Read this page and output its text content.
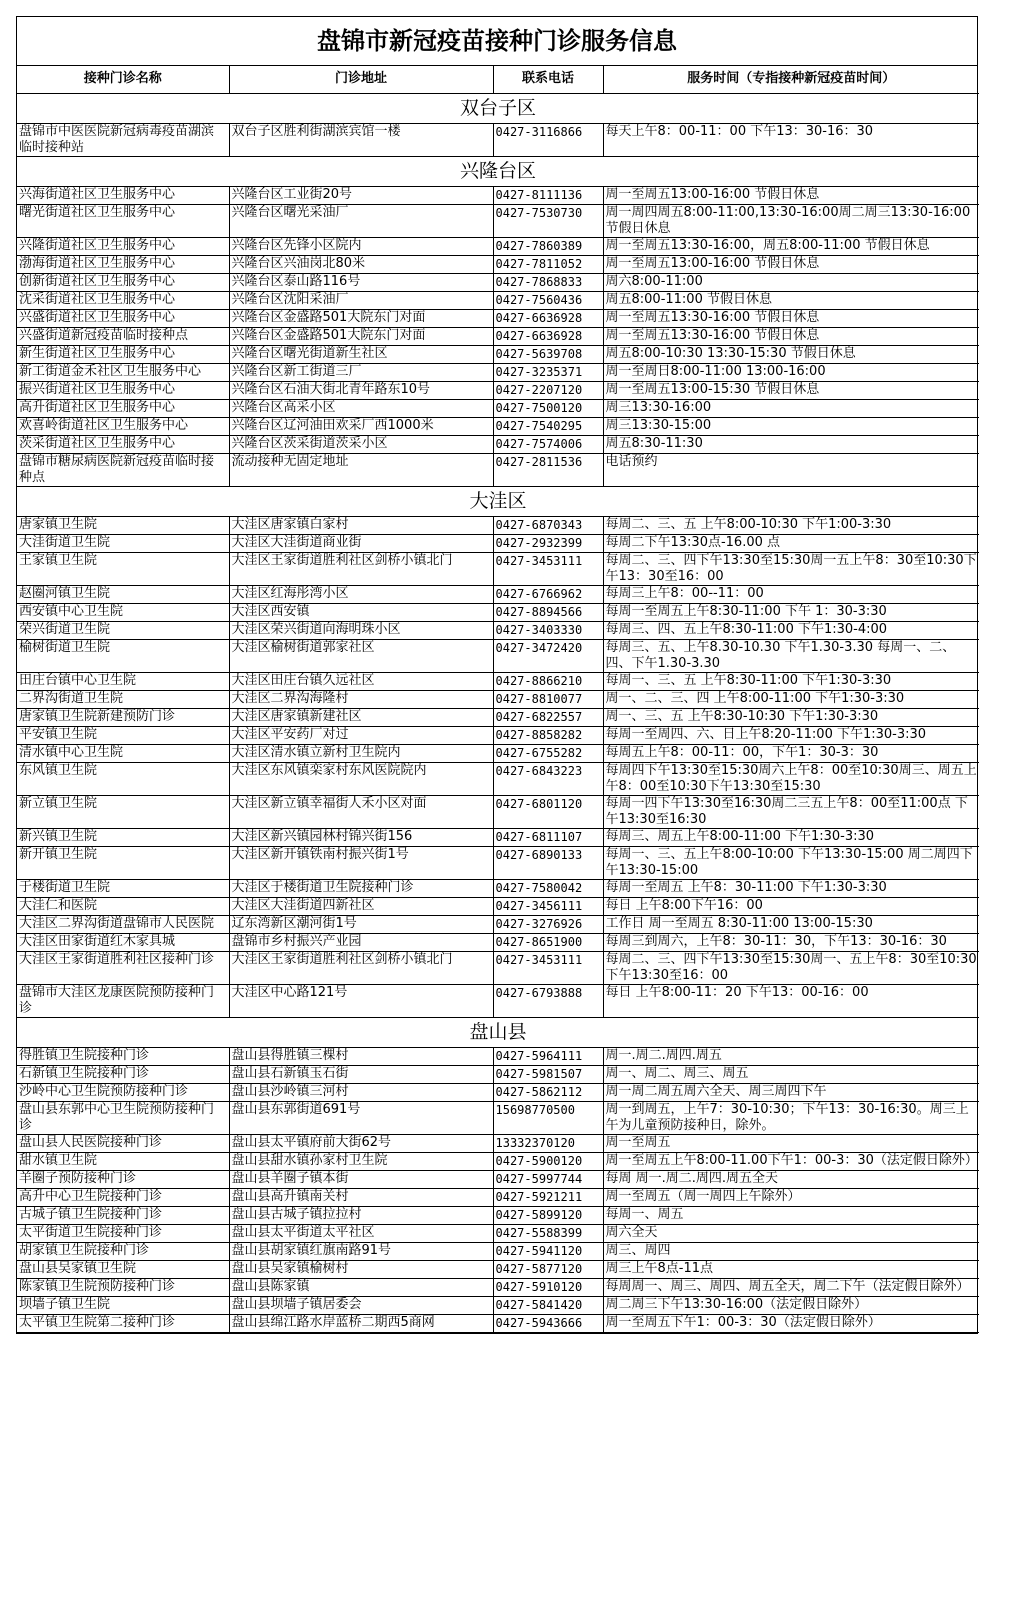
盘锦市新冠疫苗接种门诊服务信息
接种门诊名称	门诊地址	联系电话	服务时间（专指接种新冠疫苗时间）
双台子区			
盘锦市中医医院新冠病毒疫苗湖滨临时接种站	双台子区胜利街湖滨宾馆一楼	0427-3116866	每天上午8：00-11：00 下午13：30-16：30
兴隆台区			
兴海街道社区卫生服务中心	兴隆台区工业街20号	0427-8111136	周一至周五13:00-16:00 节假日休息
曙光街道社区卫生服务中心	兴隆台区曙光采油厂	0427-7530730	周一周四周五8:00-11:00,13:30-16:00周二周三13:30-16:00 节假日休息
兴隆街道社区卫生服务中心	兴隆台区先锋小区院内	0427-7860389	周一至周五13:30-16:00，周五8:00-11:00 节假日休息
渤海街道社区卫生服务中心	兴隆台区兴油岗北80米	0427-7811052	周一至周五13:00-16:00 节假日休息
创新街道社区卫生服务中心	兴隆台区泰山路116号	0427-7868833	周六8:00-11:00
沈采街道社区卫生服务中心	兴隆台区沈阳采油厂	0427-7560436	周五8:00-11:00 节假日休息
兴盛街道社区卫生服务中心	兴隆台区金盛路501大院东门对面	0427-6636928	周一至周五13:30-16:00 节假日休息
兴盛街道新冠疫苗临时接种点	兴隆台区金盛路501大院东门对面	0427-6636928	周一至周五13:30-16:00 节假日休息
新生街道社区卫生服务中心	兴隆台区曙光街道新生社区	0427-5639708	周五8:00-10:30 13:30-15:30 节假日休息
新工街道金禾社区卫生服务中心	兴隆台区新工街道三厂	0427-3235371	周一至周日8:00-11:00 13:00-16:00
振兴街道社区卫生服务中心	兴隆台区石油大街北青年路东10号	0427-2207120	周一至周五13:00-15:30 节假日休息
高升街道社区卫生服务中心	兴隆台区高采小区	0427-7500120	周三13:30-16:00
欢喜岭街道社区卫生服务中心	兴隆台区辽河油田欢采厂西1000米	0427-7540295	周三13:30-15:00
茨采街道社区卫生服务中心	兴隆台区茨采街道茨采小区	0427-7574006	周五8:30-11:30
盘锦市糖尿病医院新冠疫苗临时接种点	流动接种无固定地址	0427-2811536	电话预约
大洼区			
唐家镇卫生院	大洼区唐家镇白家村	0427-6870343	每周二、三、五 上午8:00-10:30 下午1:00-3:30
大洼街道卫生院	大洼区大洼街道商业街	0427-2932399	每周二下午13:30点-16.00 点
王家镇卫生院	大洼区王家街道胜利社区剑桥小镇北门	0427-3453111	每周二、三、四下午13:30至15:30周一五上午8：30至10:30下午13：30至16：00
赵圈河镇卫生院	大洼区红海彤湾小区	0427-6766962	每周三上午8：00--11：00
西安镇中心卫生院	大洼区西安镇	0427-8894566	每周一至周五上午8:30-11:00 下午 1：30-3:30
荣兴街道卫生院	大洼区荣兴街道向海明珠小区	0427-3403330	每周三、四、五上午8:30-11:00 下午1:30-4:00
榆树街道卫生院	大洼区榆树街道郭家社区	0427-3472420	每周三、五、上午8.30-10.30 下午1.30-3.30 每周一、二、四、下午1.30-3.30
田庄台镇中心卫生院	大洼区田庄台镇久远社区	0427-8866210	每周一、三、五 上午8:30-11:00 下午1:30-3:30
二界沟街道卫生院	大洼区二界沟海隆村	0427-8810077	周一、二、三、四 上午8:00-11:00 下午1:30-3:30
唐家镇卫生院新建预防门诊	大洼区唐家镇新建社区	0427-6822557	周一、三、五 上午8:30-10:30 下午1:30-3:30
平安镇卫生院	大洼区平安药厂对过	0427-8858282	每周一至周四、六、日上午8:20-11:00 下午1:30-3:30
清水镇中心卫生院	大洼区清水镇立新村卫生院内	0427-6755282	每周五上午8：00-11：00，下午1：30-3：30
东风镇卫生院	大洼区东风镇栾家村东风医院院内	0427-6843223	每周四下午13:30至15:30周六上午8：00至10:30周三、周五上午8：00至10:30下午13:30至15:30
新立镇卫生院	大洼区新立镇幸福街人禾小区对面	0427-6801120	每周一四下午13:30至16:30周二三五上午8：00至11:00点 下午13:30至16:30
新兴镇卫生院	大洼区新兴镇园林村锦兴街156	0427-6811107	每周三、周五上午8:00-11:00 下午1:30-3:30
新开镇卫生院	大洼区新开镇铁南村振兴街1号	0427-6890133	每周一、三、五上午8:00-10:00 下午13:30-15:00 周二周四下午13:30-15:00
于楼街道卫生院	大洼区于楼街道卫生院接种门诊	0427-7580042	每周一至周五 上午8：30-11:00 下午1:30-3:30
大洼仁和医院	大洼区大洼街道四新社区	0427-3456111	每日 上午8:00下午16：00
大洼区二界沟街道盘锦市人民医院	辽东湾新区潮河街1号	0427-3276926	工作日 周一至周五 8:30-11:00 13:00-15:30
大洼区田家街道红木家具城	盘锦市乡村振兴产业园	0427-8651900	每周三到周六，上午8：30-11：30，下午13：30-16：30
大洼区王家街道胜利社区接种门诊	大洼区王家街道胜利社区剑桥小镇北门	0427-3453111	每周二、三、四下午13:30至15:30周一、五上午8：30至10:30下午13:30至16：00
盘锦市大洼区龙康医院预防接种门诊	大洼区中心路121号	0427-6793888	每日 上午8:00-11：20 下午13：00-16：00
盘山县			
得胜镇卫生院接种门诊	盘山县得胜镇三棵村	0427-5964111	周一.周二.周四.周五
石新镇卫生院接种门诊	盘山县石新镇玉石街	0427-5981507	周一、周二、周三、周五
沙岭中心卫生院预防接种门诊	盘山县沙岭镇三河村	0427-5862112	周一周二周五周六全天、周三周四下午
盘山县东郭中心卫生院预防接种门诊	盘山县东郭街道691号	15698770500	周一到周五，上午7：30-10:30；下午13：30-16:30。周三上午为儿童预防接种日，除外。
盘山县人民医院接种门诊	盘山县太平镇府前大街62号	13332370120	周一至周五
甜水镇卫生院	盘山县甜水镇孙家村卫生院	0427-5900120	周一至周五上午8:00-11.00下午1：00-3：30（法定假日除外）
羊圈子预防接种门诊	盘山县羊圈子镇本街	0427-5997744	每周 周一.周二.周四.周五全天
高升中心卫生院接种门诊	盘山县高升镇南关村	0427-5921211	周一至周五（周一周四上午除外）
古城子镇卫生院接种门诊	盘山县古城子镇拉拉村	0427-5899120	每周一、周五
太平街道卫生院接种门诊	盘山县太平街道太平社区	0427-5588399	周六全天
胡家镇卫生院接种门诊	盘山县胡家镇红旗南路91号	0427-5941120	周三、周四
盘山县吴家镇卫生院	盘山县吴家镇榆树村	0427-5877120	周三上午8点-11点
陈家镇卫生院预防接种门诊	盘山县陈家镇	0427-5910120	每周周一、周三、周四、周五全天，周二下午（法定假日除外）
坝墙子镇卫生院	盘山县坝墙子镇居委会	0427-5841420	周二周三下午13:30-16:00（法定假日除外）
太平镇卫生院第二接种门诊	盘山县绵江路水岸蓝桥二期西5商网	0427-5943666	周一至周五下午1：00-3：30（法定假日除外）
